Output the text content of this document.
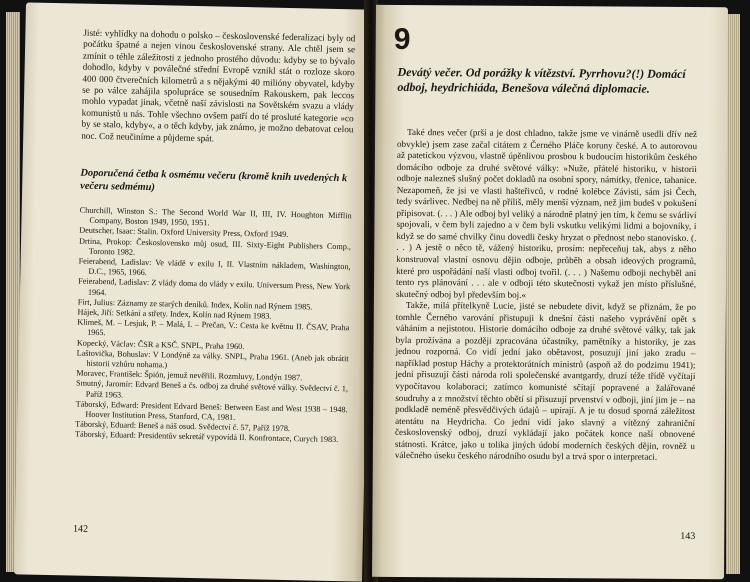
Jisté: vyhlídky na dohodu o polsko – československé federalizaci byly od počátku špatné a nejen vinou československé strany. Ale chtěl jsem se zmínit o téhle záležitosti z jednoho prostého důvodu: kdyby se to bývalo dohodlo, kdyby v poválečné střední Evropě vznikl stát o rozloze skoro 400 000 čtverečních kilometrů a s nějakými 40 milióny obyvatel, kdyby se po válce zahájila spolupráce se sousedním Rakouskem, pak leccos mohlo vypadat jinak, včetně naší závislosti na Sovětském svazu a vlády komunistů u nás. Tohle všechno ovšem patří do té prosluté kategorie »co by se stalo, kdyby«, a o těch kdyby, jak známo, je možno debatovat celou noc. Což neučiníme a půjdeme spát.

Doporučená četba k osmému večeru (kromě knih uvedených k večeru sedmému)

Churchill, Winston S.: The Second World War II, III, IV. Houghton Mifflin Company, Boston 1949, 1950, 1951.

Deutscher, Isaac: Stalin. Oxford University Press, Oxford 1949.

Drtina, Prokop: Československo můj osud, III. Sixty-Eight Publishers Comp., Toronto 1982.

Feierabend, Ladislav: Ve vládě v exilu I, II. Vlastním nákladem, Washington, D.C., 1965, 1966.

Feierabend, Ladislav: Z vlády doma do vlády v exilu. Universum Press, New York 1964.

Firt, Julius: Záznamy ze starých deníků. Index, Kolín nad Rýnem 1985.

Hájek, Jiří: Setkání a střety. Index, Kolín nad Rýnem 1983.

Klimeš, M. – Lesjuk, P. – Malá, I. – Prečan, V.: Cesta ke květnu II. ČSAV, Praha 1965.

Kopecký, Václav: ČSR a KSČ. SNPL, Praha 1960.

Laštovička, Bohuslav: V Londýně za války. SNPL, Praha 1961. (Aneb jak obrátit historii vzhůru nohama.)

Moravec, František: Špión, jemuž nevěřili. Rozmluvy, Londýn 1987.

Smutný, Jaromír: Edvard Beneš a čs. odboj za druhé světové války. Svědectví č. 1, Paříž 1963.

Táborský, Edward: President Edvard Beneš: Between East and West 1938 – 1948. Hoover Institution Press, Stanford, CA, 1981.

Táborský, Eduard: Beneš a náš osud. Svědectví č. 57, Paříž 1978.

Táborský, Eduard: Presidentův sekretář vypovídá II. Konfrontace, Curych 1983.

142
9
Devátý večer. Od porážky k vítězství. Pyrrhovu?(!) Domácí odboj, heydrichiáda, Benešova válečná diplomacie.

Také dnes večer (prší a je dost chladno, takže jsme ve vinárně usedli dřív než obvykle) jsem zase začal citátem z Černého Pláče koruny české. A to autorovou až patetickou výzvou, vlastně úpěnlivou prosbou k budoucím historikům českého domácího odboje za druhé světové války: »Nuže, přátelé historiku, v historii odboje nalezneš slušný počet dokladů na osobní spory, námitky, třenice, tahanice. Nezapomeň, že jsi ve vlasti hašteřivců, v rodné kolébce Závisti, sám jsi Čech, tedy svárlivec. Nedbej na ně příliš, měly menší význam, než jim budeš v pokušení připisovat. (. . . ) Ale odboj byl veliký a národně platný jen tím, k čemu se svárliví spojovali, v čem byli zajedno a v čem byli vskutku velikými lidmi a bojovníky, i když se do samé chvilky činu dovedli česky hryzat o přednost nebo stanovisko. (. . . ) A jestě o něco tě, vážený historiku, prosím: nepřeceňuj tak, abys z něho konstruoval vlastní osnovu dějin odboje, průběh a obsah ideových programů, které pro uspořádání naší vlasti odboj tvořil. (. . . ) Našemu odboji nechyběl ani tento rys plánování . . . ale v odboji této skutečnosti vykaž jen místo příslušné, skutečný odboj byl především boj.«

Takže, milá přítelkyně Lucie, jisté se nebudete divit, když se přiznám, že po tomhle Černého varování přistupuji k dnešní části našeho vyprávění opět s váháním a nejistotou. Historie domácího odboje za druhé světové války, tak jak byla prožívána a později zpracována účastníky, pamětníky a historiky, je zas jednou rozporná. Co vidí jední jako obětavost, posuzují jiní jako zradu – například postup Háchy a protektorátních ministrů (aspoň až do podzimu 1941); jední přisuzují části národa roli společenské avantgardy, druzí téže třídě vyčítají vypočítavou kolaboraci; zatímco komunisté sčítají popravené a žalářované soudruhy a z množství těchto obětí si přisuzují prvenství v odboji, jiní jim je – na podkladě neméně přesvědčivých údajů – upírají. A je tu dosud sporná záležitost atentátu na Heydricha. Co jední vidí jako slavný a vítězný zahraniční československý odboj, druzí vykládají jako počátek konce naší obnovené státnosti. Krátce, jako u tolika jiných údobí moderních českých dějin, rovněž u válečného úseku českého národního osudu byl a trvá spor o interpretaci.

143
